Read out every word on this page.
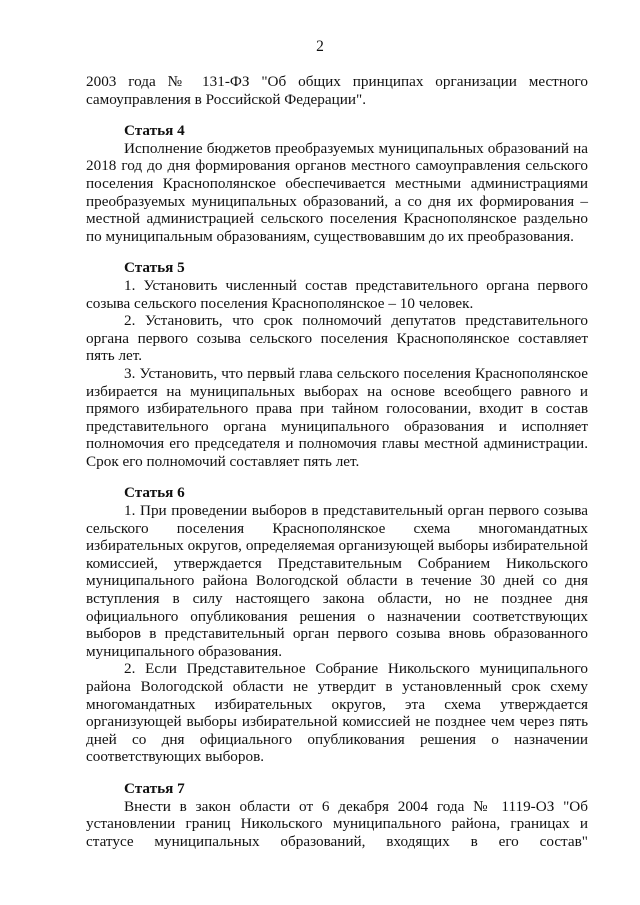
2

2003 года № 131-ФЗ "Об общих принципах организации местного самоуправления в Российской Федерации".

Статья 4

Исполнение бюджетов преобразуемых муниципальных образований на 2018 год до дня формирования органов местного самоуправления сельского поселения Краснополянское обеспечивается местными администрациями преобразуемых муниципальных образований, а со дня их формирования – местной администрацией сельского поселения Краснополянское раздельно по муниципальным образованиям, существовавшим до их преобразования.

Статья 5

1. Установить численный состав представительного органа первого созыва сельского поселения Краснополянское – 10 человек.

2. Установить, что срок полномочий депутатов представительного органа первого созыва сельского поселения Краснополянское составляет пять лет.

3. Установить, что первый глава сельского поселения Краснополянское избирается на муниципальных выборах на основе всеобщего равного и прямого избирательного права при тайном голосовании, входит в состав представительного органа муниципального образования и исполняет полномочия его председателя и полномочия главы местной администрации. Срок его полномочий составляет пять лет.

Статья 6

1. При проведении выборов в представительный орган первого созыва сельского поселения Краснополянское схема многомандатных избирательных округов, определяемая организующей выборы избирательной комиссией, утверждается Представительным Собранием Никольского муниципального района Вологодской области в течение 30 дней со дня вступления в силу настоящего закона области, но не позднее дня официального опубликования решения о назначении соответствующих выборов в представительный орган первого созыва вновь образованного муниципального образования.

2. Если Представительное Собрание Никольского муниципального района Вологодской области не утвердит в установленный срок схему многомандатных избирательных округов, эта схема утверждается организующей выборы избирательной комиссией не позднее чем через пять дней со дня официального опубликования решения о назначении соответствующих выборов.

Статья 7

Внести в закон области от 6 декабря 2004 года № 1119-ОЗ "Об установлении границ Никольского муниципального района, границах и статусе муниципальных образований, входящих в его состав"
